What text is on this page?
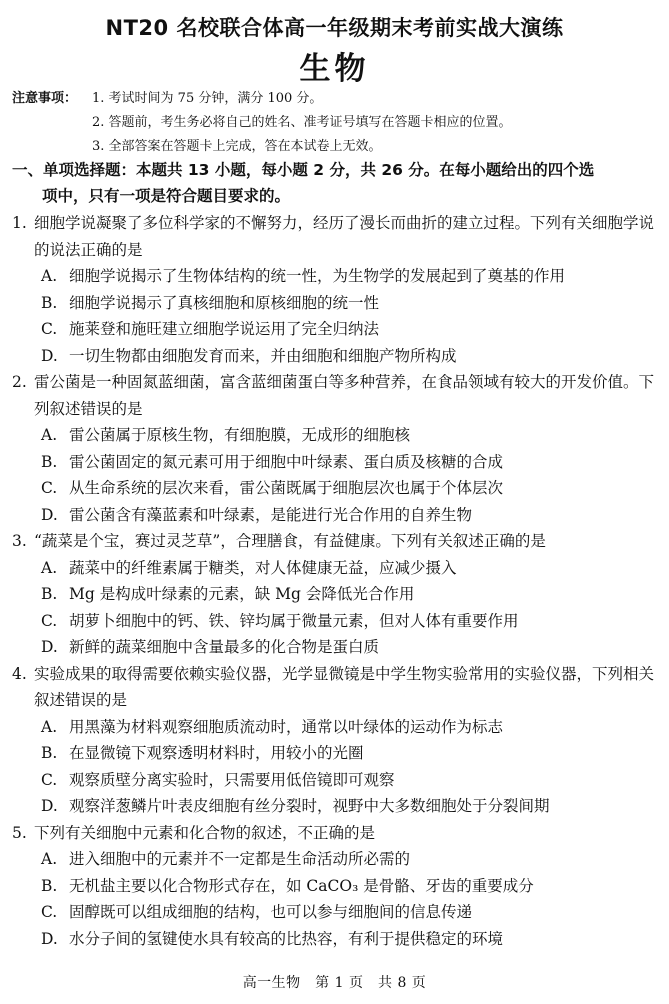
NT20 名校联合体高一年级期末考前实战大演练
生物
注意事项： 1. 考试时间为 75 分钟，满分 100 分。
2. 答题前，考生务必将自己的姓名、准考证号填写在答题卡相应的位置。
3. 全部答案在答题卡上完成，答在本试卷上无效。
一、单项选择题：本题共 13 小题，每小题 2 分，共 26 分。在每小题给出的四个选
项中，只有一项是符合题目要求的。
1. 细胞学说凝聚了多位科学家的不懈努力，经历了漫长而曲折的建立过程。下列有关细胞学说的说法正确的是
A. 细胞学说揭示了生物体结构的统一性，为生物学的发展起到了奠基的作用
B. 细胞学说揭示了真核细胞和原核细胞的统一性
C. 施莱登和施旺建立细胞学说运用了完全归纳法
D. 一切生物都由细胞发育而来，并由细胞和细胞产物所构成
2. 雷公菌是一种固氮蓝细菌，富含蓝细菌蛋白等多种营养，在食品领域有较大的开发价值。下列叙述错误的是
A. 雷公菌属于原核生物，有细胞膜，无成形的细胞核
B. 雷公菌固定的氮元素可用于细胞中叶绿素、蛋白质及核糖的合成
C. 从生命系统的层次来看，雷公菌既属于细胞层次也属于个体层次
D. 雷公菌含有藻蓝素和叶绿素，是能进行光合作用的自养生物
3. “蔬菜是个宝，赛过灵芝草”，合理膳食，有益健康。下列有关叙述正确的是
A. 蔬菜中的纤维素属于糖类，对人体健康无益，应减少摄入
B. Mg 是构成叶绿素的元素，缺 Mg 会降低光合作用
C. 胡萝卜细胞中的钙、铁、锌均属于微量元素，但对人体有重要作用
D. 新鲜的蔬菜细胞中含量最多的化合物是蛋白质
4. 实验成果的取得需要依赖实验仪器，光学显微镜是中学生物实验常用的实验仪器，下列相关叙述错误的是
A. 用黑藻为材料观察细胞质流动时，通常以叶绿体的运动作为标志
B. 在显微镜下观察透明材料时，用较小的光圈
C. 观察质壁分离实验时，只需要用低倍镜即可观察
D. 观察洋葱鳞片叶表皮细胞有丝分裂时，视野中大多数细胞处于分裂间期
5. 下列有关细胞中元素和化合物的叙述，不正确的是
A. 进入细胞中的元素并不一定都是生命活动所必需的
B. 无机盐主要以化合物形式存在，如 CaCO₃ 是骨骼、牙齿的重要成分
C. 固醇既可以组成细胞的结构，也可以参与细胞间的信息传递
D. 水分子间的氢键使水具有较高的比热容，有利于提供稳定的环境
高一生物　第 1 页　共 8 页
